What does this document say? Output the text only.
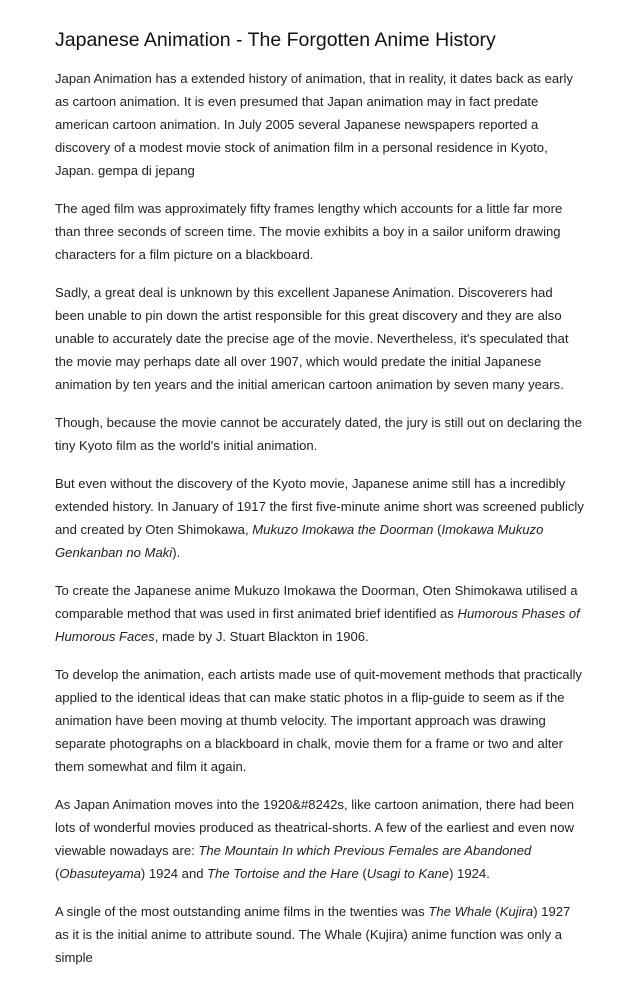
Japanese Animation - The Forgotten Anime History

Japan Animation has a extended history of animation, that in reality, it dates back as early as cartoon animation. It is even presumed that Japan animation may in fact predate american cartoon animation. In July 2005 several Japanese newspapers reported a discovery of a modest movie stock of animation film in a personal residence in Kyoto, Japan. gempa di jepang

The aged film was approximately fifty frames lengthy which accounts for a little far more than three seconds of screen time. The movie exhibits a boy in a sailor uniform drawing characters for a film picture on a blackboard.

Sadly, a great deal is unknown by this excellent Japanese Animation. Discoverers had been unable to pin down the artist responsible for this great discovery and they are also unable to accurately date the precise age of the movie. Nevertheless, it's speculated that the movie may perhaps date all over 1907, which would predate the initial Japanese animation by ten years and the initial american cartoon animation by seven many years.

Though, because the movie cannot be accurately dated, the jury is still out on declaring the tiny Kyoto film as the world's initial animation.

But even without the discovery of the Kyoto movie, Japanese anime still has a incredibly extended history. In January of 1917 the first five-minute anime short was screened publicly and created by Oten Shimokawa, Mukuzo Imokawa the Doorman (Imokawa Mukuzo Genkanban no Maki).

To create the Japanese anime Mukuzo Imokawa the Doorman, Oten Shimokawa utilised a comparable method that was used in first animated brief identified as Humorous Phases of Humorous Faces, made by J. Stuart Blackton in 1906.

To develop the animation, each artists made use of quit-movement methods that practically applied to the identical ideas that can make static photos in a flip-guide to seem as if the animation have been moving at thumb velocity. The important approach was drawing separate photographs on a blackboard in chalk, movie them for a frame or two and alter them somewhat and film it again.

As Japan Animation moves into the 1920&#8242s, like cartoon animation, there had been lots of wonderful movies produced as theatrical-shorts. A few of the earliest and even now viewable nowadays are: The Mountain In which Previous Females are Abandoned (Obasuteyama) 1924 and The Tortoise and the Hare (Usagi to Kane) 1924.

A single of the most outstanding anime films in the twenties was The Whale (Kujira) 1927 as it is the initial anime to attribute sound. The Whale (Kujira) anime function was only a simple
